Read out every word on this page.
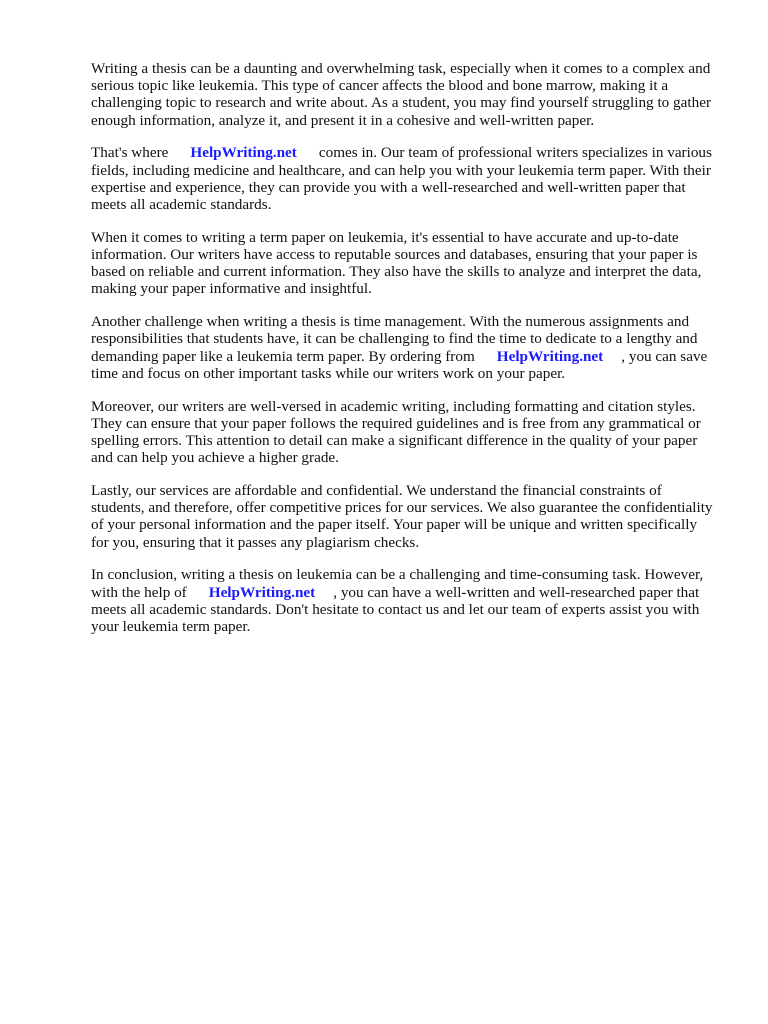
Writing a thesis can be a daunting and overwhelming task, especially when it comes to a complex and serious topic like leukemia. This type of cancer affects the blood and bone marrow, making it a challenging topic to research and write about. As a student, you may find yourself struggling to gather enough information, analyze it, and present it in a cohesive and well-written paper.

That's where HelpWriting.net comes in. Our team of professional writers specializes in various fields, including medicine and healthcare, and can help you with your leukemia term paper. With their expertise and experience, they can provide you with a well-researched and well-written paper that meets all academic standards.

When it comes to writing a term paper on leukemia, it's essential to have accurate and up-to-date information. Our writers have access to reputable sources and databases, ensuring that your paper is based on reliable and current information. They also have the skills to analyze and interpret the data, making your paper informative and insightful.

Another challenge when writing a thesis is time management. With the numerous assignments and responsibilities that students have, it can be challenging to find the time to dedicate to a lengthy and demanding paper like a leukemia term paper. By ordering from HelpWriting.net , you can save time and focus on other important tasks while our writers work on your paper.

Moreover, our writers are well-versed in academic writing, including formatting and citation styles. They can ensure that your paper follows the required guidelines and is free from any grammatical or spelling errors. This attention to detail can make a significant difference in the quality of your paper and can help you achieve a higher grade.

Lastly, our services are affordable and confidential. We understand the financial constraints of students, and therefore, offer competitive prices for our services. We also guarantee the confidentiality of your personal information and the paper itself. Your paper will be unique and written specifically for you, ensuring that it passes any plagiarism checks.

In conclusion, writing a thesis on leukemia can be a challenging and time-consuming task. However, with the help of HelpWriting.net , you can have a well-written and well-researched paper that meets all academic standards. Don't hesitate to contact us and let our team of experts assist you with your leukemia term paper.
